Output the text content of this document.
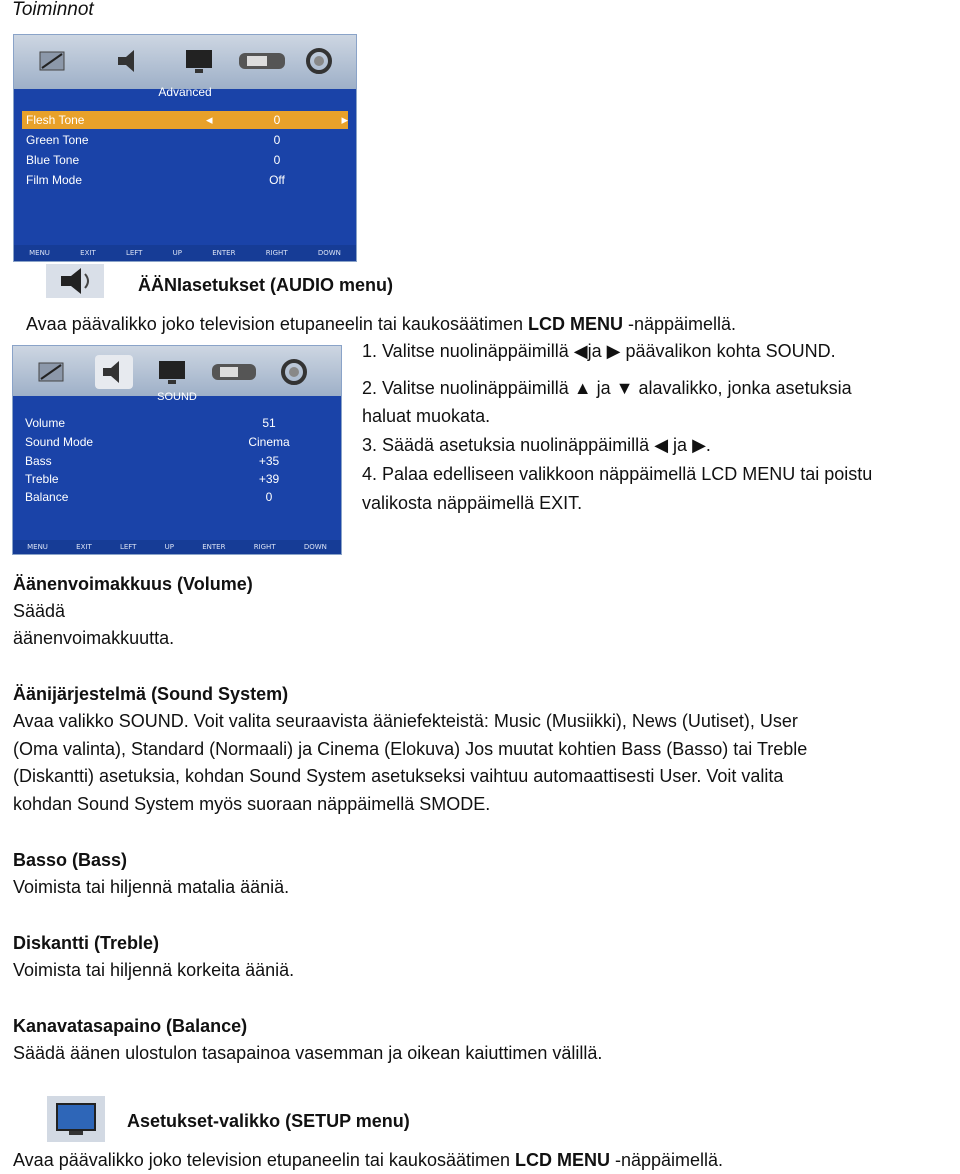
Toiminnot
Advanced
Flesh Tone	◂	0	▸
Green Tone	0
Blue Tone	0
Film Mode	Off
MENU	EXIT	LEFT	UP	ENTER	RIGHT	DOWN
ÄÄNIasetukset (AUDIO menu)
Avaa päävalikko joko television etupaneelin tai kaukosäätimen LCD MENU -näppäimellä.
SOUND
Volume	51
Sound Mode	Cinema
Bass	+35
Treble	+39
Balance	0
MENU	EXIT	LEFT	UP	ENTER	RIGHT	DOWN
1. Valitse nuolinäppäimillä ◀ja ▶ päävalikon kohta SOUND.
2. Valitse nuolinäppäimillä ▲ ja ▼ alavalikko, jonka asetuksia
haluat muokata.
3. Säädä asetuksia nuolinäppäimillä ◀ ja ▶.
4. Palaa edelliseen valikkoon näppäimellä LCD MENU tai poistu
valikosta näppäimellä EXIT.
Äänenvoimakkuus (Volume)
Säädä
äänenvoimakkuutta.
Äänijärjestelmä (Sound System)
Avaa valikko SOUND. Voit valita seuraavista ääniefekteistä: Music (Musiikki), News (Uutiset), User
(Oma valinta), Standard (Normaali) ja Cinema (Elokuva) Jos muutat kohtien Bass (Basso) tai Treble
(Diskantti) asetuksia, kohdan Sound System asetukseksi vaihtuu automaattisesti User. Voit valita
kohdan Sound System myös suoraan näppäimellä SMODE.
Basso (Bass)
Voimista tai hiljennä matalia ääniä.
Diskantti (Treble)
Voimista tai hiljennä korkeita ääniä.
Kanavatasapaino (Balance)
Säädä äänen ulostulon tasapainoa vasemman ja oikean kaiuttimen välillä.
Asetukset-valikko (SETUP menu)
Avaa päävalikko joko television etupaneelin tai kaukosäätimen LCD MENU -näppäimellä.
